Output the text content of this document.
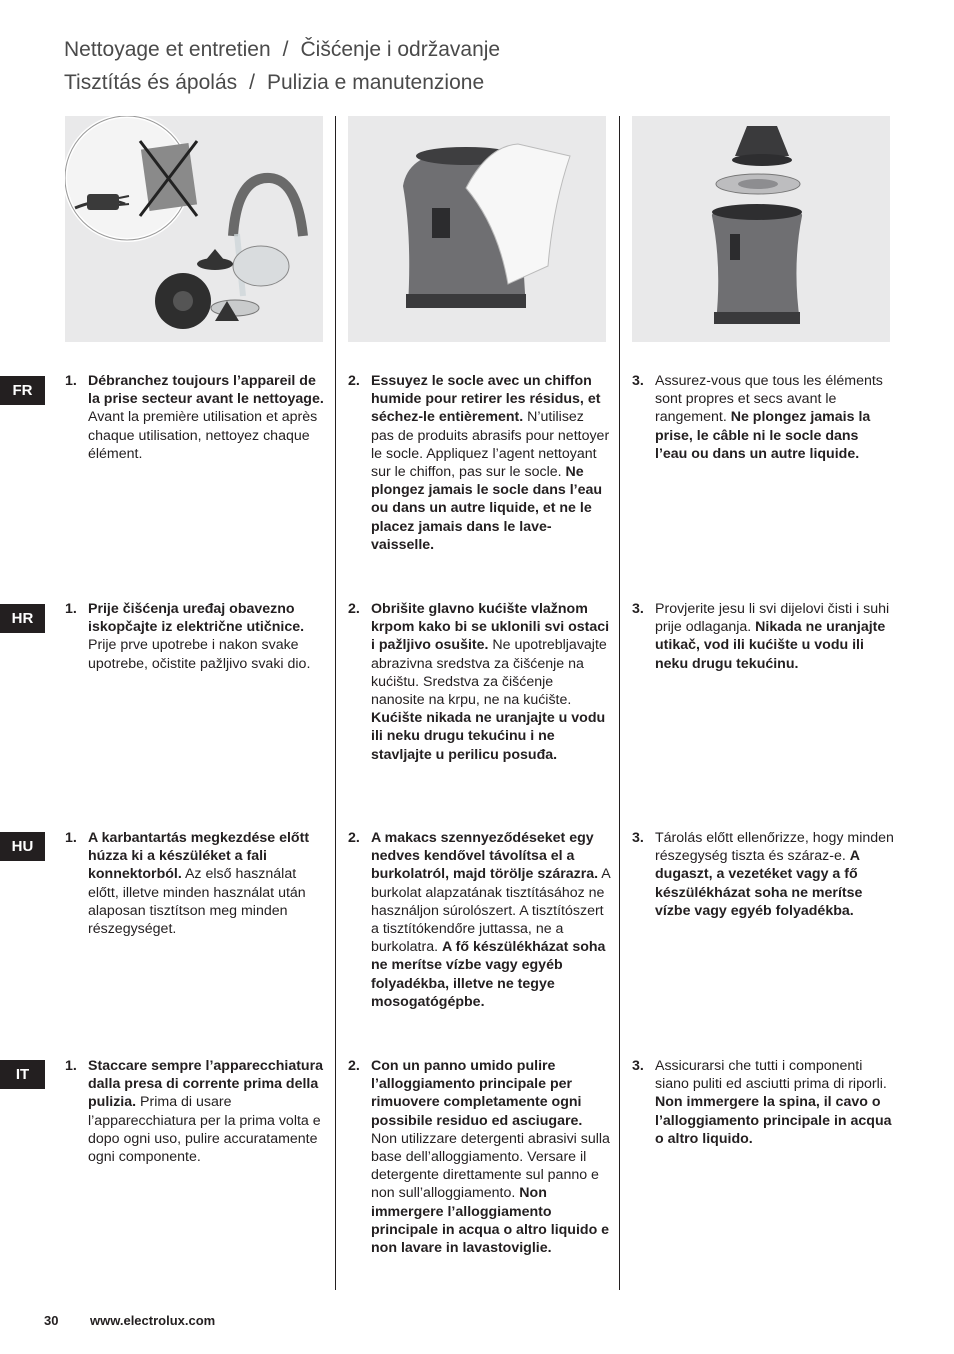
Nettoyage et entretien / Čišćenje i održavanje
Tisztítás és ápolás / Pulizia e manutenzione
FR
HR
HU
IT
1. Débranchez toujours l’appareil de la prise secteur avant le nettoyage. Avant la première utilisation et après chaque utilisation, nettoyez chaque élément.
2. Essuyez le socle avec un chiffon humide pour retirer les résidus, et séchez-le entièrement. N’utilisez pas de produits abrasifs pour nettoyer le socle. Appliquez l’agent nettoyant sur le chiffon, pas sur le socle. Ne plongez jamais le socle dans l’eau ou dans un autre liquide, et ne le placez jamais dans le lave-vaisselle.
3. Assurez-vous que tous les éléments sont propres et secs avant le rangement. Ne plongez jamais la prise, le câble ni le socle dans l’eau ou dans un autre liquide.
1. Prije čišćenja uređaj obavezno iskopčajte iz električne utičnice. Prije prve upotrebe i nakon svake upotrebe, očistite pažljivo svaki dio.
2. Obrišite glavno kućište vlažnom krpom kako bi se uklonili svi ostaci i pažljivo osušite. Ne upotrebljavajte abrazivna sredstva za čišćenje na kućištu. Sredstva za čišćenje nanosite na krpu, ne na kućište. Kućište nikada ne uranjajte u vodu ili neku drugu tekućinu i ne stavljajte u perilicu posuđa.
3. Provjerite jesu li svi dijelovi čisti i suhi prije odlaganja. Nikada ne uranjajte utikač, vod ili kućište u vodu ili neku drugu tekućinu.
1. A karbantartás megkezdése előtt húzza ki a készüléket a fali konnektorból. Az első használat előtt, illetve minden használat után alaposan tisztítson meg minden részegységet.
2. A makacs szennyeződéseket egy nedves kendővel távolítsa el a burkolatról, majd törölje szárazra. A burkolat alapzatának tisztításához ne használjon súrolószert. A tisztítószert a tisztítókendőre juttassa, ne a burkolatra. A fő készülékházat soha ne merítse vízbe vagy egyéb folyadékba, illetve ne tegye mosogatógépbe.
3. Tárolás előtt ellenőrizze, hogy minden részegység tiszta és száraz-e. A dugaszt, a vezetéket vagy a fő készülékházat soha ne merítse vízbe vagy egyéb folyadékba.
1. Staccare sempre l’apparecchiatura dalla presa di corrente prima della pulizia. Prima di usare l’apparecchiatura per la prima volta e dopo ogni uso, pulire accuratamente ogni componente.
2. Con un panno umido pulire l’alloggiamento principale per rimuovere completamente ogni possibile residuo ed asciugare. Non utilizzare detergenti abrasivi sulla base dell’alloggiamento. Versare il detergente direttamente sul panno e non sull’alloggiamento. Non immergere l’alloggiamento principale in acqua o altro liquido e non lavare in lavastoviglie.
3. Assicurarsi che tutti i componenti siano puliti ed asciutti prima di riporli. Non immergere la spina, il cavo o l’alloggiamento principale in acqua o altro liquido.
30 www.electrolux.com
